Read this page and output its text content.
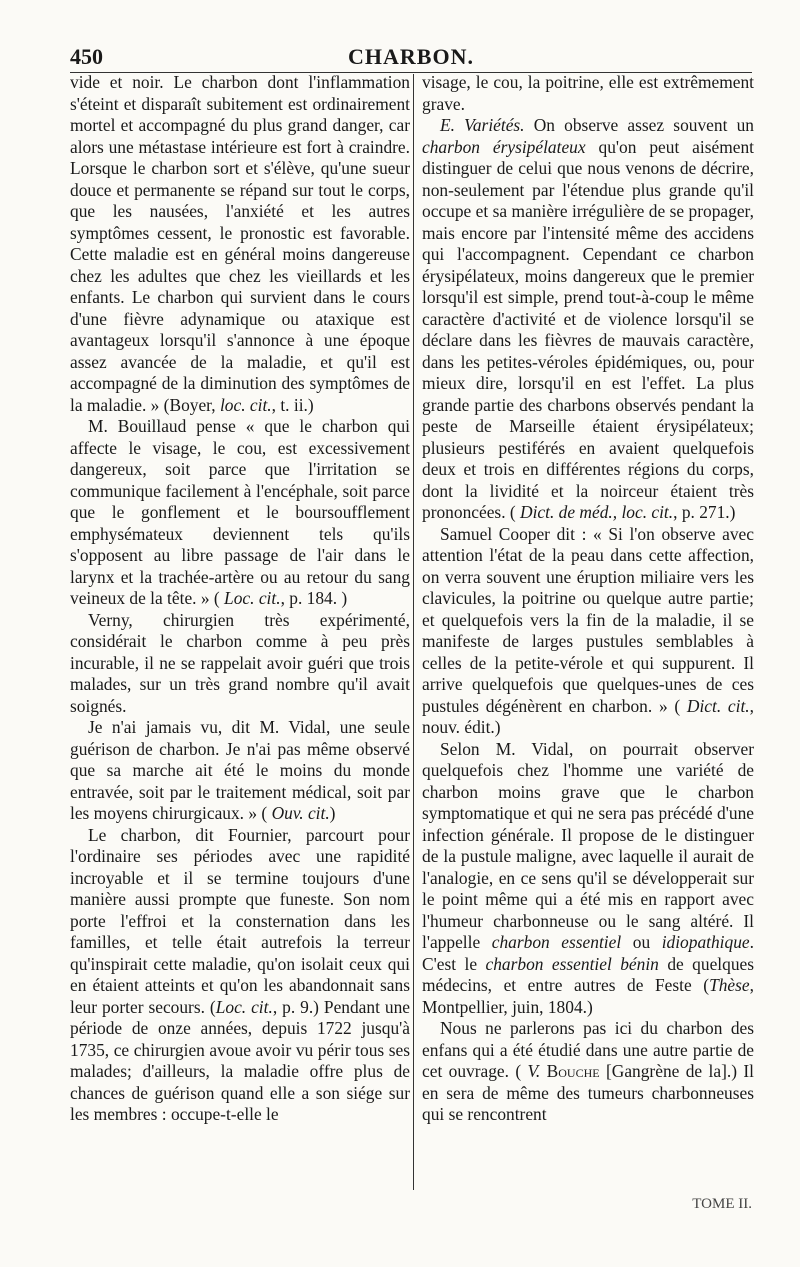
450	CHARBON.

vide et noir. Le charbon dont l'inflammation s'éteint et disparaît subitement est ordinairement mortel et accompagné du plus grand danger, car alors une métastase intérieure est fort à craindre. Lorsque le charbon sort et s'élève, qu'une sueur douce et permanente se répand sur tout le corps, que les nausées, l'anxiété et les autres symptômes cessent, le pronostic est favorable. Cette maladie est en général moins dangereuse chez les adultes que chez les vieillards et les enfants. Le charbon qui survient dans le cours d'une fièvre adynamique ou ataxique est avantageux lorsqu'il s'annonce à une époque assez avancée de la maladie, et qu'il est accompagné de la diminution des symptômes de la maladie. » (Boyer, loc. cit., t. ii.)

M. Bouillaud pense « que le charbon qui affecte le visage, le cou, est excessivement dangereux, soit parce que l'irritation se communique facilement à l'encéphale, soit parce que le gonflement et le boursoufflement emphysémateux deviennent tels qu'ils s'opposent au libre passage de l'air dans le larynx et la trachée-artère ou au retour du sang veineux de la tête. » ( Loc. cit., p. 184. )

Verny, chirurgien très expérimenté, considérait le charbon comme à peu près incurable, il ne se rappelait avoir guéri que trois malades, sur un très grand nombre qu'il avait soignés.

Je n'ai jamais vu, dit M. Vidal, une seule guérison de charbon. Je n'ai pas même observé que sa marche ait été le moins du monde entravée, soit par le traitement médical, soit par les moyens chirurgicaux. » ( Ouv. cit.)

Le charbon, dit Fournier, parcourt pour l'ordinaire ses périodes avec une rapidité incroyable et il se termine toujours d'une manière aussi prompte que funeste. Son nom porte l'effroi et la consternation dans les familles, et telle était autrefois la terreur qu'inspirait cette maladie, qu'on isolait ceux qui en étaient atteints et qu'on les abandonnait sans leur porter secours. (Loc. cit., p. 9.) Pendant une période de onze années, depuis 1722 jusqu'à 1735, ce chirurgien avoue avoir vu périr tous ses malades; d'ailleurs, la maladie offre plus de chances de guérison quand elle a son siége sur les membres : occupe-t-elle le

visage, le cou, la poitrine, elle est extrêmement grave.

E. Variétés. On observe assez souvent un charbon érysipélateux qu'on peut aisément distinguer de celui que nous venons de décrire, non-seulement par l'étendue plus grande qu'il occupe et sa manière irrégulière de se propager, mais encore par l'intensité même des accidens qui l'accompagnent. Cependant ce charbon érysipélateux, moins dangereux que le premier lorsqu'il est simple, prend tout-à-coup le même caractère d'activité et de violence lorsqu'il se déclare dans les fièvres de mauvais caractère, dans les petites-véroles épidémiques, ou, pour mieux dire, lorsqu'il en est l'effet. La plus grande partie des charbons observés pendant la peste de Marseille étaient érysipélateux; plusieurs pestiférés en avaient quelquefois deux et trois en différentes régions du corps, dont la lividité et la noirceur étaient très prononcées. ( Dict. de méd., loc. cit., p. 271.)

Samuel Cooper dit : « Si l'on observe avec attention l'état de la peau dans cette affection, on verra souvent une éruption miliaire vers les clavicules, la poitrine ou quelque autre partie; et quelquefois vers la fin de la maladie, il se manifeste de larges pustules semblables à celles de la petite-vérole et qui suppurent. Il arrive quelquefois que quelques-unes de ces pustules dégénèrent en charbon. » ( Dict. cit., nouv. édit.)

Selon M. Vidal, on pourrait observer quelquefois chez l'homme une variété de charbon moins grave que le charbon symptomatique et qui ne sera pas précédé d'une infection générale. Il propose de le distinguer de la pustule maligne, avec laquelle il aurait de l'analogie, en ce sens qu'il se développerait sur le point même qui a été mis en rapport avec l'humeur charbonneuse ou le sang altéré. Il l'appelle charbon essentiel ou idiopathique. C'est le charbon essentiel bénin de quelques médecins, et entre autres de Feste (Thèse, Montpellier, juin, 1804.)

Nous ne parlerons pas ici du charbon des enfans qui a été étudié dans une autre partie de cet ouvrage. ( V. Bouche [Gangrène de la].) Il en sera de même des tumeurs charbonneuses qui se rencontrent

TOME II.
